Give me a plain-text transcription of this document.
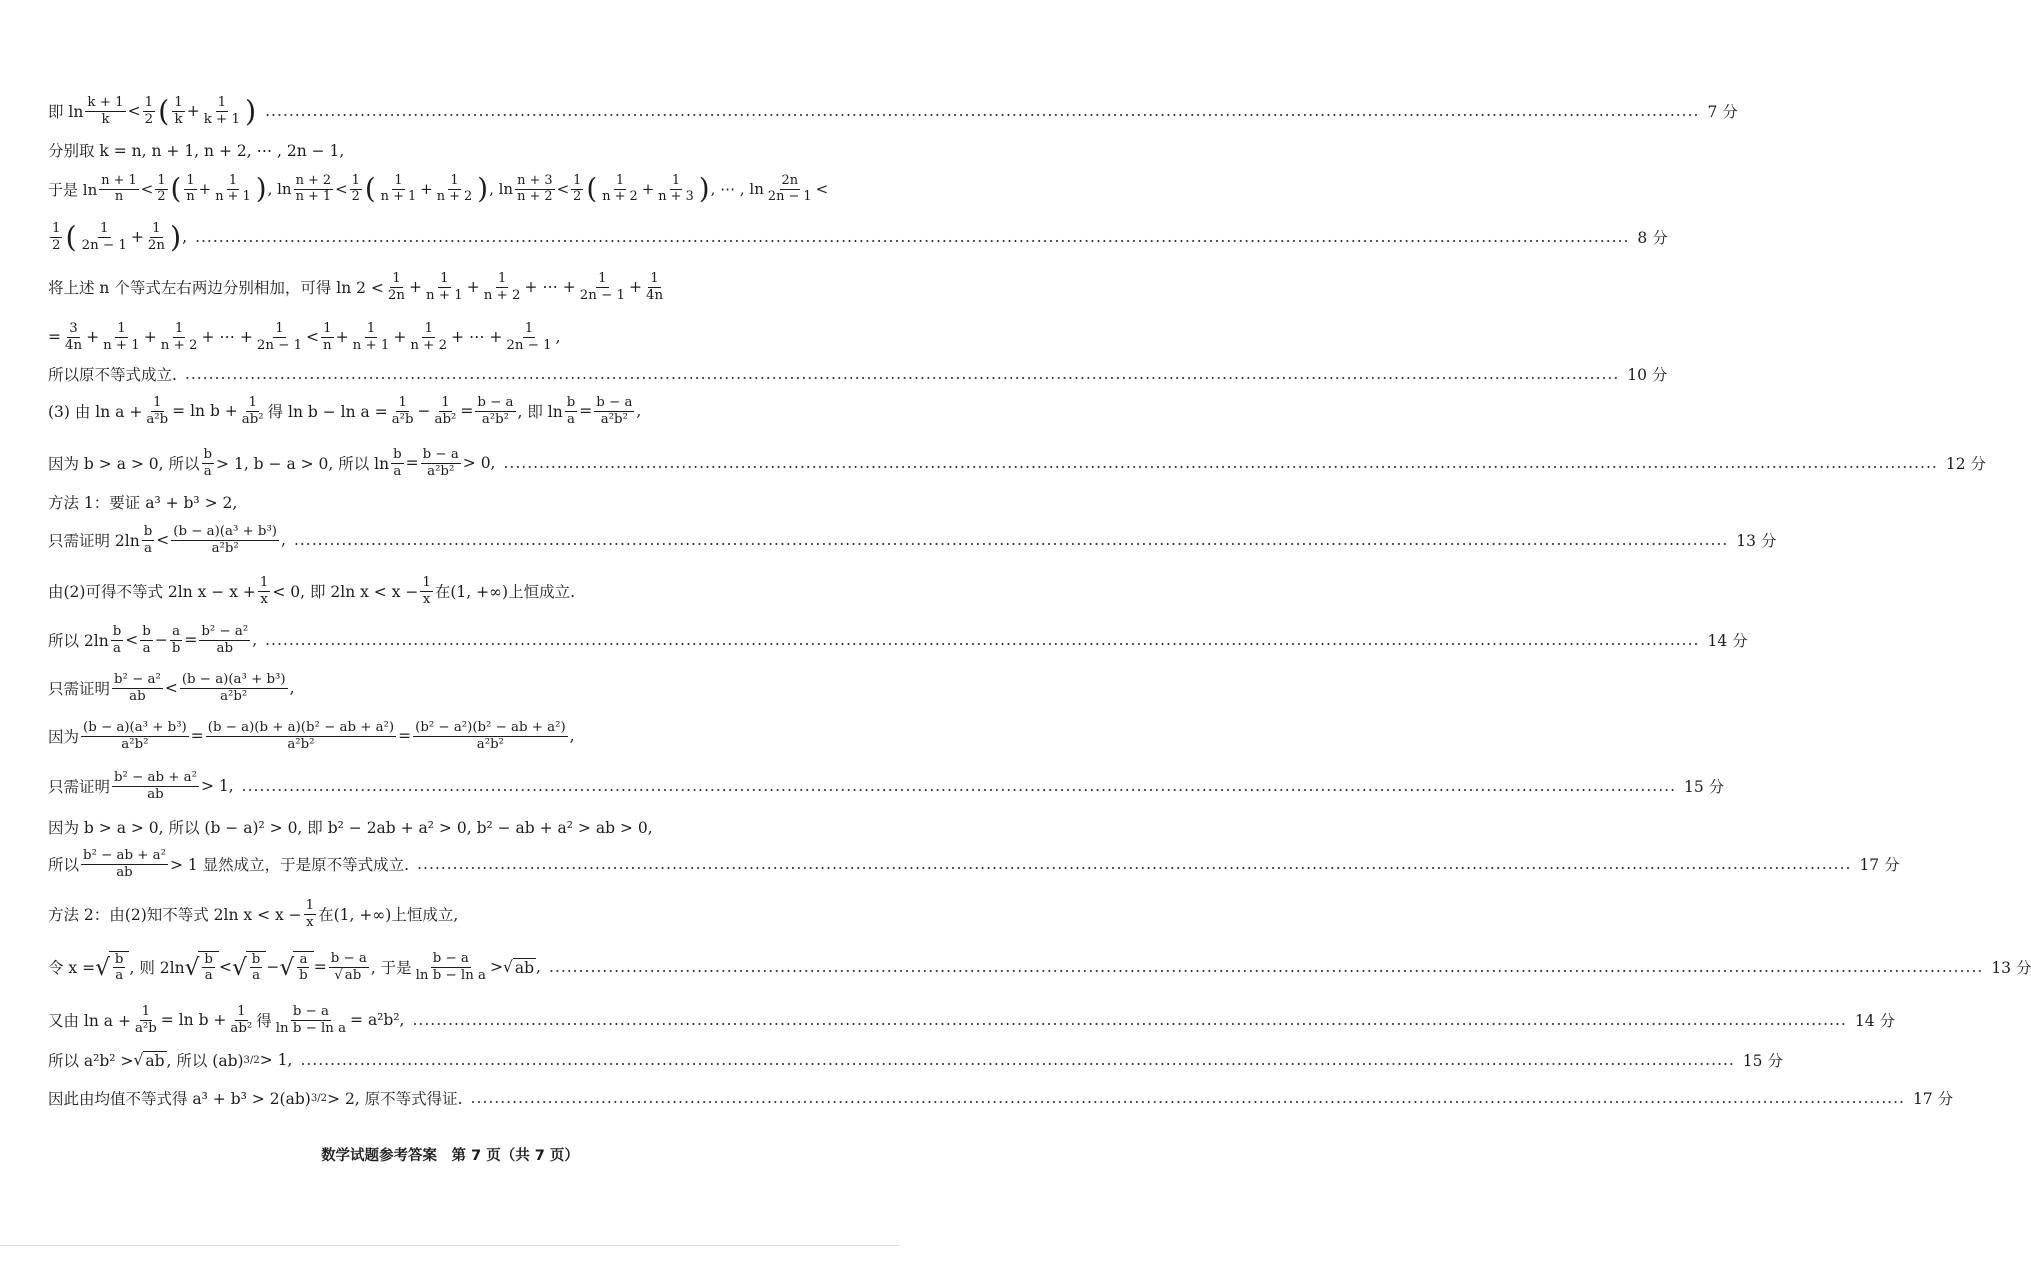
即 ln
k + 1
k < 1
2 ( 1
$k + \frac{1}{k + 1}$ ) .................................................................................................................................................................................................................................................. 7 分
分别取 k = n, n + 1, n + 2, ⋯ , 2n − 1,
于是 ln
n + 1
n < 1
2 ( 1
n + 1
n + 1 ) , ln n + 2
n + 1 < 1
2 ( 1
n + 1 + 1
n + 2 ) , ln n + 3
n + 2 < 1
2 ( 1
n + 2 + 1
n + 3 ) , ⋯ , ln 2n
2n − 1 <
1
2 ( 1
2n − 1 + 1
2n ) , .................................................................................................................................................................................................................................................. 8 分
将上述 n 个等式左右两边分别相加，可得 ln 2 <
1
2n + 1
n + 1 + 1
n + 2 + ⋯ + $\frac{1}{2n - 1} + 1$
4n
= $\frac{3}{4n} + 1$
n + 1 + 1
n + 2 + ⋯ + $\frac{1}{2n - 1} < 1$
n + 1
n + 1 + 1
n + 2 + ⋯ + $\frac{1}{2n - 1}$ ,
所以原不等式成立. .................................................................................................................................................................................................................................................. 10 分
(3) 由 $\ln a + \frac{1}{\text{a²b}} = \ln b + \frac{1}{\text{ab²}}$ 得 $\ln b - \ln a = \frac{1}{\text{a²b}} - \frac{1}{\text{ab²}} = \frac{b - a}{\text{a²b²}}$ , 即 $\ln \frac{b}{a} = \frac{b - a}{\text{a²b²}}$ ,
因为 b > a > 0, 所以
b
a > 1, b − a > 0, 所以 $\ln \frac{b}{a} = \frac{b - a}{\text{a²b²}} > 0$, .................................................................................................................................................................................................................................................. 12 分
方法 1：要证 a³ + b³ > 2,
只需证明 2ln
b
a < (b − a)(a³ + b³)
a²b²	, .................................................................................................................................................................................................................................................. 13 分
由(2)可得不等式 2ln $x - x + \frac{1}{x} < 0$, 即 2ln $x < x - \frac{1}{x}$ 在(1, +∞)上恒成立.
所以 2ln
b
a < b
$a - \frac{a}{b} = \frac{\text{b² − a²}}{ab}$ , .................................................................................................................................................................................................................................................. 14 分
只需证明
b² − a²
ab < (b − a)(a³ + b³)
a²b²	,
因为 $\frac{\text{(b − a)(a³ + b³)}}{\text{a²b²}} = \frac{\text{(b − a)(b + a)(b² − ab + a²)}}{\text{a²b²}} = \frac{\text{(b² − a²)(b² − ab + a²)}}{\text{a²b²}}$ ,
只需证明
b² − ab + a²
ab > 1, .................................................................................................................................................................................................................................................. 15 分
因为 b > a > 0, 所以 (b − a)² > 0, 即 b² − 2ab + a² > 0, b² − ab + a² > ab > 0,
所以
b² − ab + a²
ab > 1 显然成立，于是原不等式成立. .................................................................................................................................................................................................................................................. 17 分
方法 2：由(2)知不等式 2ln $x < x - \frac{1}{x}$ 在(1, +∞)上恒成立,
令 x = √ $\frac{b}{a}$ , 则 2ln √ $\frac{b}{a}$ < √ $\frac{b}{a}$ − √ $\frac{a}{b} = \frac{b - a}{√ ab}$ , 于是
b − a
ln b − ln a > √ ab , .................................................................................................................................................................................................................................................. 13 分
又由 $\ln a + \frac{1}{\text{a²b}} = \ln b + \frac{1}{\text{ab²}}$ 得 $\frac{b - a}{\text{ln b − ln a}} = a^2b^2$, .................................................................................................................................................................................................................................................. 14 分
所以 a²b² > √ ab , 所以 (ab) 3/2 > 1, .................................................................................................................................................................................................................................................. 15 分
因此由均值不等式得 a³ + b³ > 2(ab) 3/2 > 2, 原不等式得证. .................................................................................................................................................................................................................................................. 17 分
数学试题参考答案　第 7 页（共 7 页）
